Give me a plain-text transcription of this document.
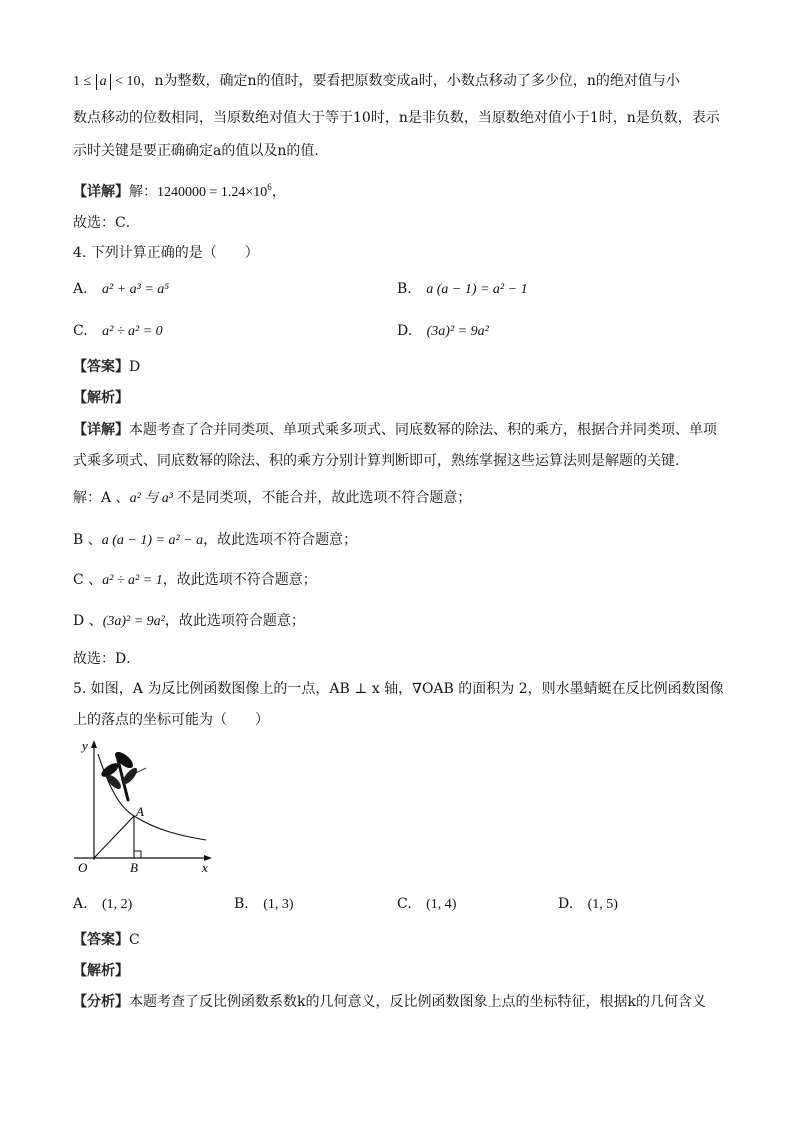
1 ≤ a < 10，n为整数，确定n的值时，要看把原数变成a时，小数点移动了多少位，n的绝对值与小
数点移动的位数相同，当原数绝对值大于等于10时，n是非负数，当原数绝对值小于1时，n是负数，表示
示时关键是要正确确定a的值以及n的值．
【详解】解：$1240000 = 1.24\times 10^6$，
故选：C．
4. 下列计算正确的是（　　）
A. a² + a³ = a⁵	B. a (a − 1) = a² − 1
C. a² ÷ a² = 0	D. (3a)² = 9a²
【答案】D
【解析】
【详解】本题考查了合并同类项、单项式乘多项式、同底数幂的除法、积的乘方，根据合并同类项、单项
式乘多项式、同底数幂的除法、积的乘方分别计算判断即可，熟练掌握这些运算法则是解题的关键．
解：A 、a² 与 a³ 不是同类项，不能合并，故此选项不符合题意；
B 、a (a − 1) = a² − a，故此选项不符合题意；
C 、a² ÷ a² = 1，故此选项不符合题意；
D 、(3a)² = 9a²，故此选项符合题意；
故选：D．
5. 如图，A 为反比例函数图像上的一点，AB ⊥ x 轴，∇OAB 的面积为 2，则水墨蜻蜓在反比例函数图像
上的落点的坐标可能为（　　）
y
x
O
A
B
A. (1, 2)	B. (1, 3)	C. (1, 4)	D. (1, 5)
【答案】C
【解析】
【分析】本题考查了反比例函数系数k的几何意义，反比例函数图象上点的坐标特征，根据k的几何含义
